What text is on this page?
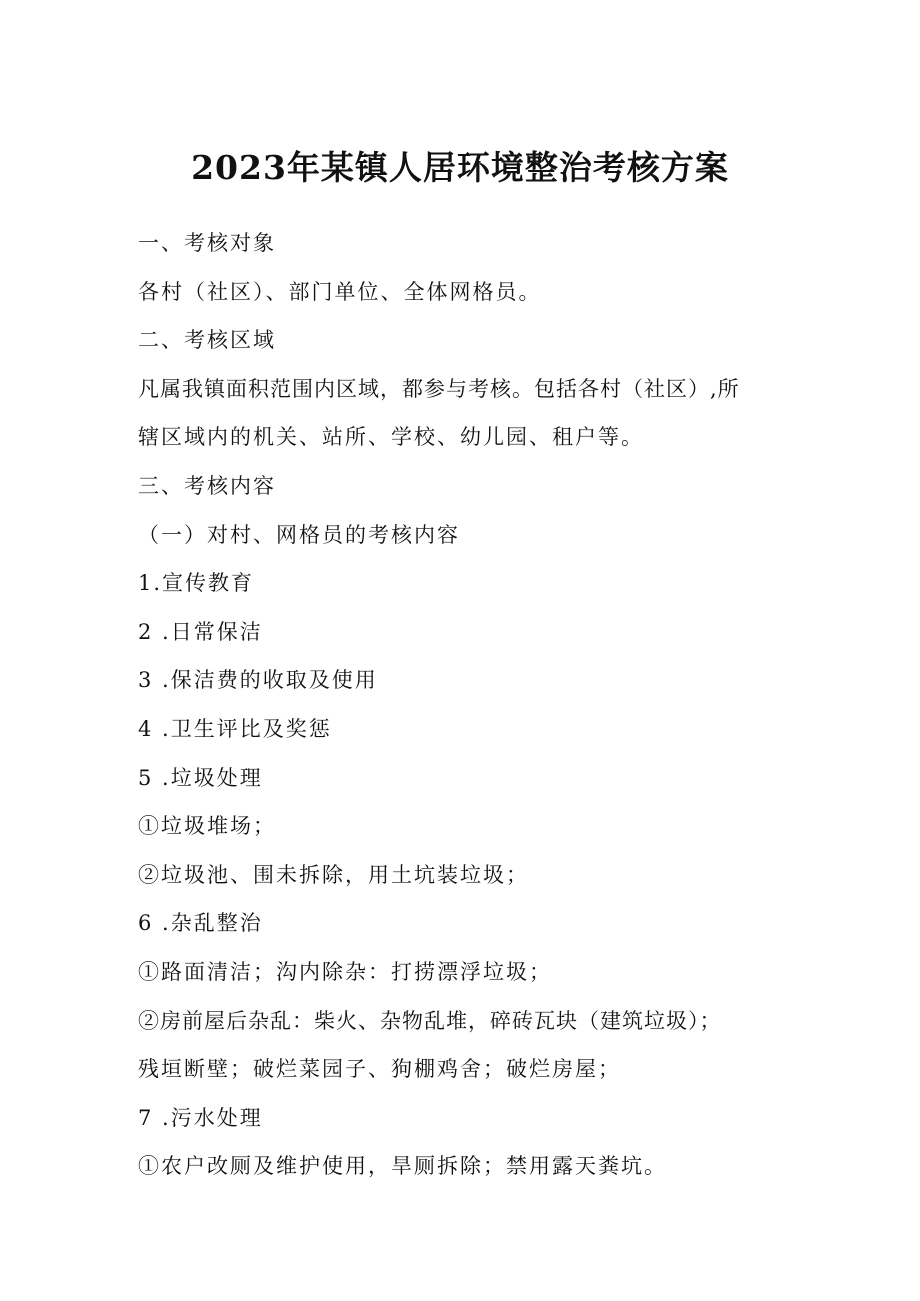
2023年某镇人居环境整治考核方案
一、考核对象
各村（社区）、部门单位、全体网格员。
二、考核区域
凡属我镇面积范围内区域，都参与考核。包括各村（社区）,所
辖区域内的机关、站所、学校、幼儿园、租户等。
三、考核内容
（一）对村、网格员的考核内容
1.宣传教育
2 .日常保洁
3 .保洁费的收取及使用
4 .卫生评比及奖惩
5 .垃圾处理
①垃圾堆场；
②垃圾池、围未拆除，用土坑装垃圾；
6 .杂乱整治
①路面清洁；沟内除杂：打捞漂浮垃圾；
②房前屋后杂乱：柴火、杂物乱堆，碎砖瓦块（建筑垃圾）；
残垣断壁；破烂菜园子、狗棚鸡舍；破烂房屋；
7 .污水处理
①农户改厕及维护使用，旱厕拆除；禁用露天粪坑。
